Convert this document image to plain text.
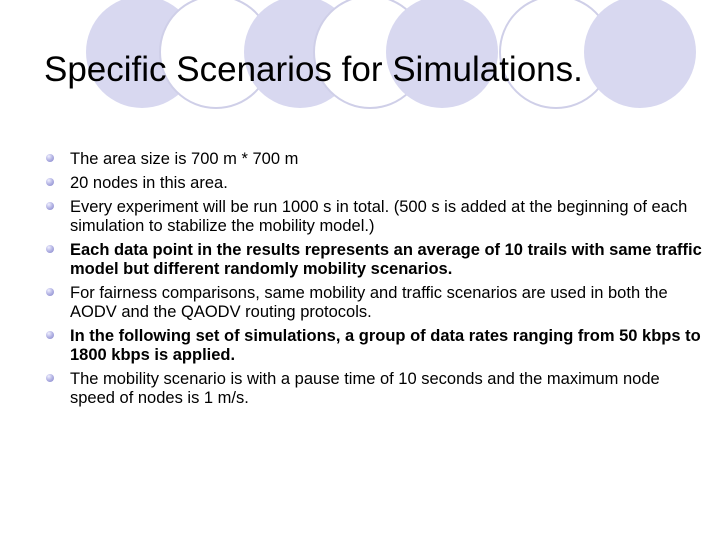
Specific Scenarios for Simulations.
The area size is 700 m * 700 m
20 nodes in this area.
Every experiment will be run 1000 s in total. (500 s is added at the beginning of each simulation to stabilize the mobility model.)
Each data point in the results represents an average of 10 trails with same traffic model but different randomly mobility scenarios.
For fairness comparisons, same mobility and traffic scenarios are used in both the AODV and the QAODV routing protocols.
In the following set of simulations, a group of data rates ranging from 50 kbps to 1800 kbps is applied.
The mobility scenario is with a pause time of 10 seconds and the maximum node speed of nodes is 1 m/s.
